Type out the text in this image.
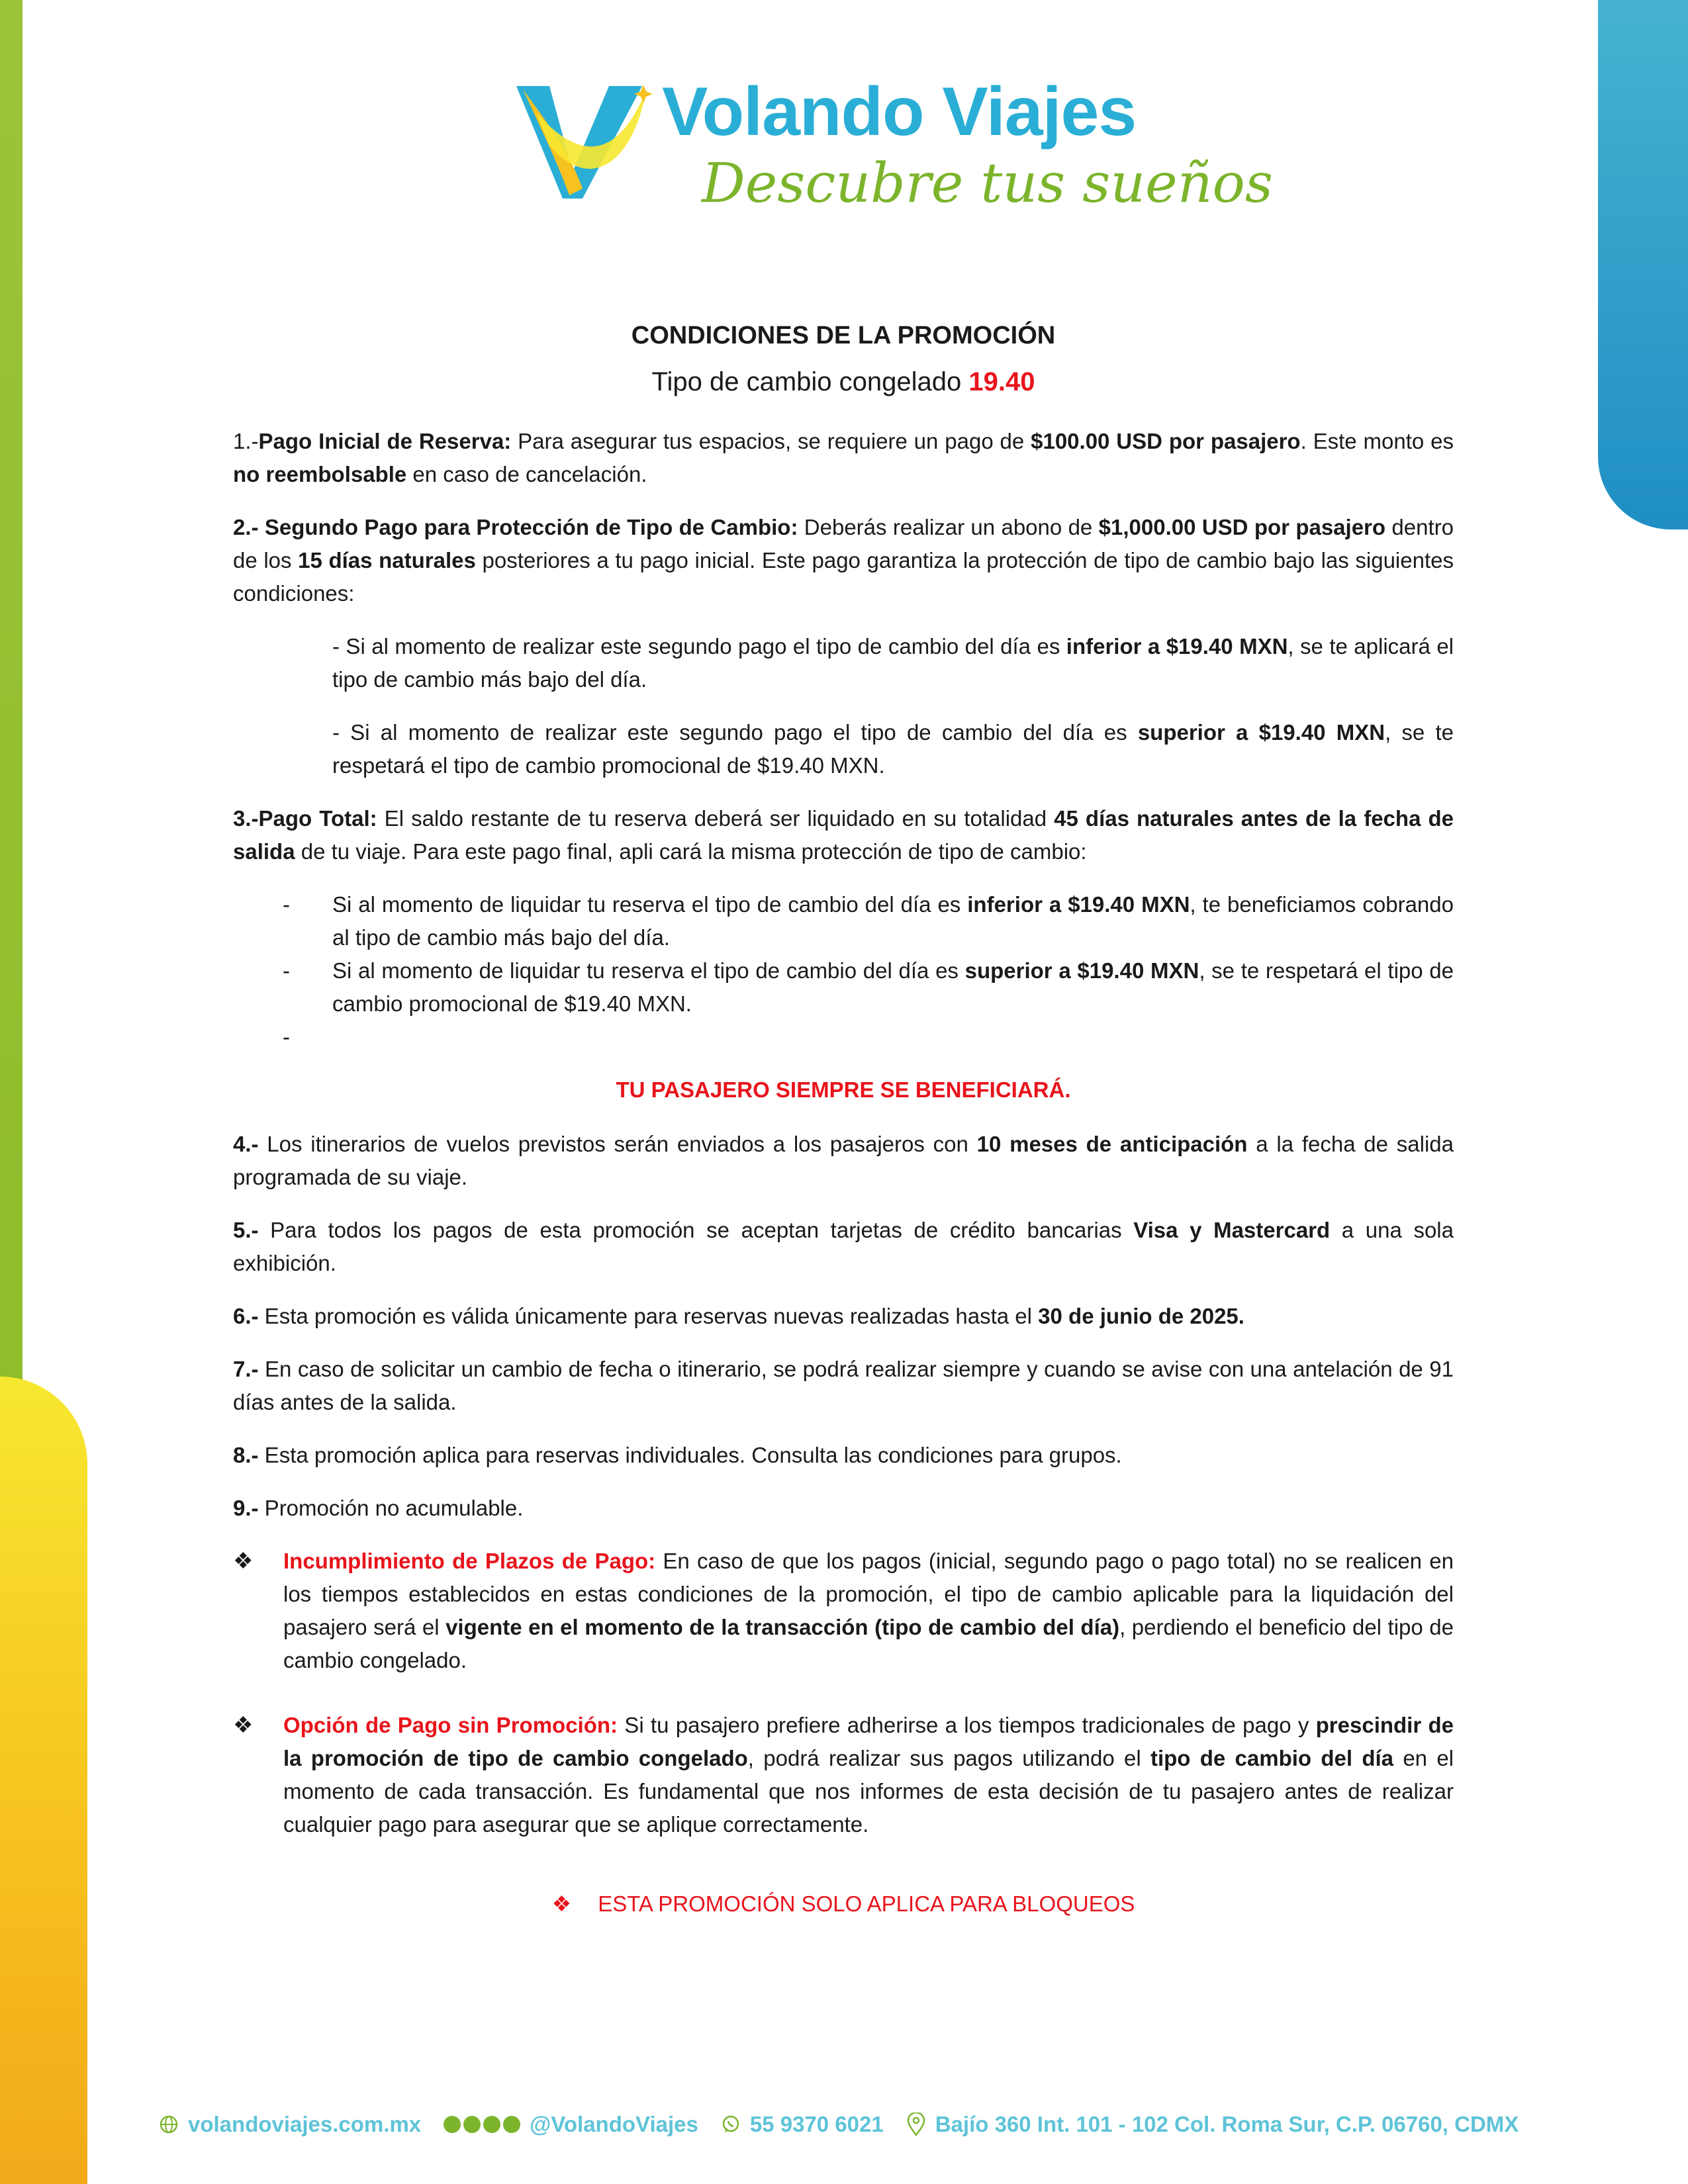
Volando Viajes
Descubre tus sueños
CONDICIONES DE LA PROMOCIÓN
Tipo de cambio congelado 19.40

1.-Pago Inicial de Reserva: Para asegurar tus espacios, se requiere un pago de $100.00 USD por pasajero. Este monto es no reembolsable en caso de cancelación.

2.- Segundo Pago para Protección de Tipo de Cambio: Deberás realizar un abono de $1,000.00 USD por pasajero dentro de los 15 días naturales posteriores a tu pago inicial. Este pago garantiza la protección de tipo de cambio bajo las siguientes condiciones:

- Si al momento de realizar este segundo pago el tipo de cambio del día es inferior a $19.40 MXN, se te aplicará el tipo de cambio más bajo del día.

- Si al momento de realizar este segundo pago el tipo de cambio del día es superior a $19.40 MXN, se te respetará el tipo de cambio promocional de $19.40 MXN.

3.-Pago Total: El saldo restante de tu reserva deberá ser liquidado en su totalidad 45 días naturales antes de la fecha de salida de tu viaje. Para este pago final, apli cará la misma protección de tipo de cambio:

- Si al momento de liquidar tu reserva el tipo de cambio del día es inferior a $19.40 MXN, te beneficiamos cobrando al tipo de cambio más bajo del día.
- Si al momento de liquidar tu reserva el tipo de cambio del día es superior a $19.40 MXN, se te respetará el tipo de cambio promocional de $19.40 MXN.
-

TU PASAJERO SIEMPRE SE BENEFICIARÁ.

4.- Los itinerarios de vuelos previstos serán enviados a los pasajeros con 10 meses de anticipación a la fecha de salida programada de su viaje.

5.- Para todos los pagos de esta promoción se aceptan tarjetas de crédito bancarias Visa y Mastercard a una sola exhibición.

6.- Esta promoción es válida únicamente para reservas nuevas realizadas hasta el 30 de junio de 2025.

7.- En caso de solicitar un cambio de fecha o itinerario, se podrá realizar siempre y cuando se avise con una antelación de 91 días antes de la salida.

8.- Esta promoción aplica para reservas individuales. Consulta las condiciones para grupos.

9.- Promoción no acumulable.

❖ Incumplimiento de Plazos de Pago: En caso de que los pagos (inicial, segundo pago o pago total) no se realicen en los tiempos establecidos en estas condiciones de la promoción, el tipo de cambio aplicable para la liquidación del pasajero será el vigente en el momento de la transacción (tipo de cambio del día), perdiendo el beneficio del tipo de cambio congelado.
❖ Opción de Pago sin Promoción: Si tu pasajero prefiere adherirse a los tiempos tradicionales de pago y prescindir de la promoción de tipo de cambio congelado, podrá realizar sus pagos utilizando el tipo de cambio del día en el momento de cada transacción. Es fundamental que nos informes de esta decisión de tu pasajero antes de realizar cualquier pago para asegurar que se aplique correctamente.
❖ ESTA PROMOCIÓN SOLO APLICA PARA BLOQUEOS
volandoviajes.com.mx	@VolandoViajes 55 9370 6021 Bajío 360 Int. 101 - 102 Col. Roma Sur, C.P. 06760, CDMX
